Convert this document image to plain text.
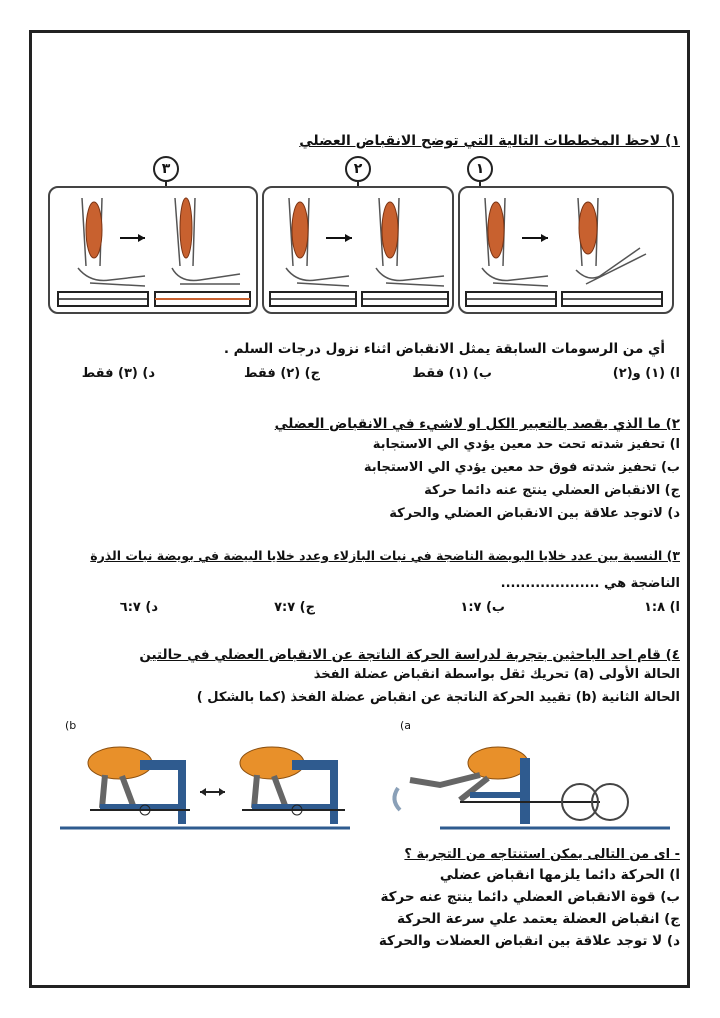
١) لاحظ المخططات التالية التي توضح الانقباض العضلي
٣	٢	١
أي من الرسومات السابقة يمثل الانقباض اثناء نزول درجات السلم .
ا) (١) و(٢)
ب) (١) فقط
ج) (٢) فقط
د) (٣) فقط
٢) ما الذي يقصد بالتعبير الكل او لاشيء في الانقباض العضلي
ا) تحفيز شدته تحت حد معين يؤدي الي الاستجابة
ب) تحفيز شدته فوق حد معين يؤدي الي الاستجابة
ج) الانقباض العضلي ينتج عنه دائما حركة
د) لاتوجد علاقة بين الانقباض العضلي والحركة
٣) النسبة بين عدد خلايا البويضة الناضجة في نبات البازلاء وعدد خلايا البيضة في بويضة نبات الذرة
الناضجة هي ....................
ا) ١:٨
ب) ١:٧
ج) ٧:٧
د) ٦:٧
٤) قام احد الباحثين بتجربة لدراسة الحركة الناتجة عن الانقباض العضلي في حالتين
الحالة الأولى (a) تحريك ثقل بواسطة انقباض عضلة الفخذ
الحالة الثانية (b) تقييد الحركة الناتجة عن انقباض عضلة الفخذ (كما بالشكل )
b)	a)
- اى من التالى يمكن استنتاجه من التجربة ؟
ا) الحركة دائما يلزمها انقباض عضلي
ب) قوة الانقباض العضلي دائما ينتج عنه حركة
ج) انقباض العضلة يعتمد علي سرعة الحركة
د) لا توجد علاقة بين انقباض العضلات والحركة
